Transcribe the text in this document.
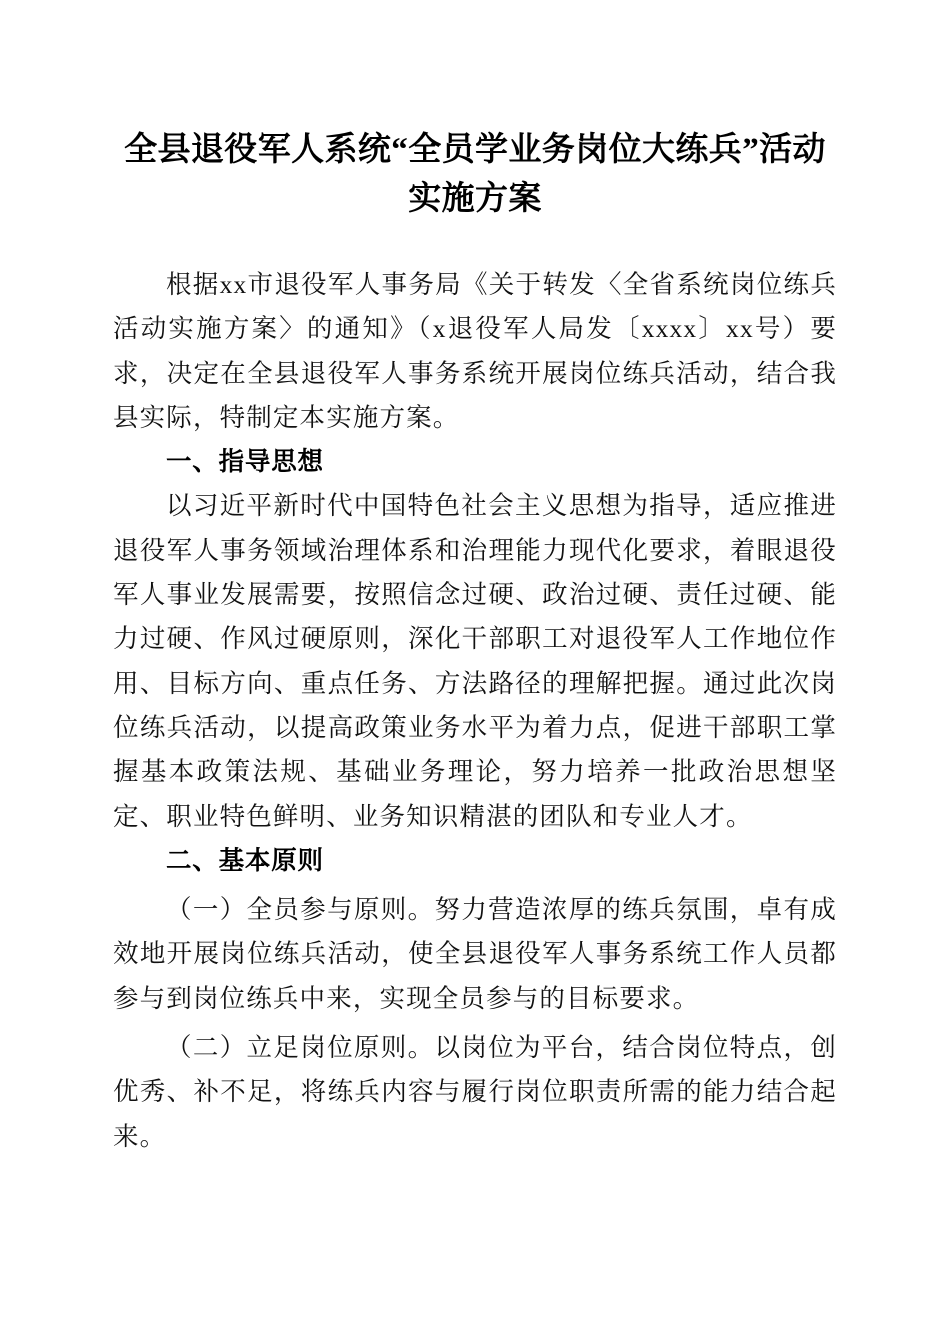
全县退役军人系统“全员学业务岗位大练兵”活动实施方案

根据xx市退役军人事务局《关于转发〈全省系统岗位练兵活动实施方案〉的通知》（x退役军人局发〔xxxx〕xx号）要求，决定在全县退役军人事务系统开展岗位练兵活动，结合我县实际，特制定本实施方案。

一、指导思想

以习近平新时代中国特色社会主义思想为指导，适应推进退役军人事务领域治理体系和治理能力现代化要求，着眼退役军人事业发展需要，按照信念过硬、政治过硬、责任过硬、能力过硬、作风过硬原则，深化干部职工对退役军人工作地位作用、目标方向、重点任务、方法路径的理解把握。通过此次岗位练兵活动，以提高政策业务水平为着力点，促进干部职工掌握基本政策法规、基础业务理论，努力培养一批政治思想坚定、职业特色鲜明、业务知识精湛的团队和专业人才。

二、基本原则

（一）全员参与原则。努力营造浓厚的练兵氛围，卓有成效地开展岗位练兵活动，使全县退役军人事务系统工作人员都参与到岗位练兵中来，实现全员参与的目标要求。

（二）立足岗位原则。以岗位为平台，结合岗位特点，创优秀、补不足，将练兵内容与履行岗位职责所需的能力结合起来。
